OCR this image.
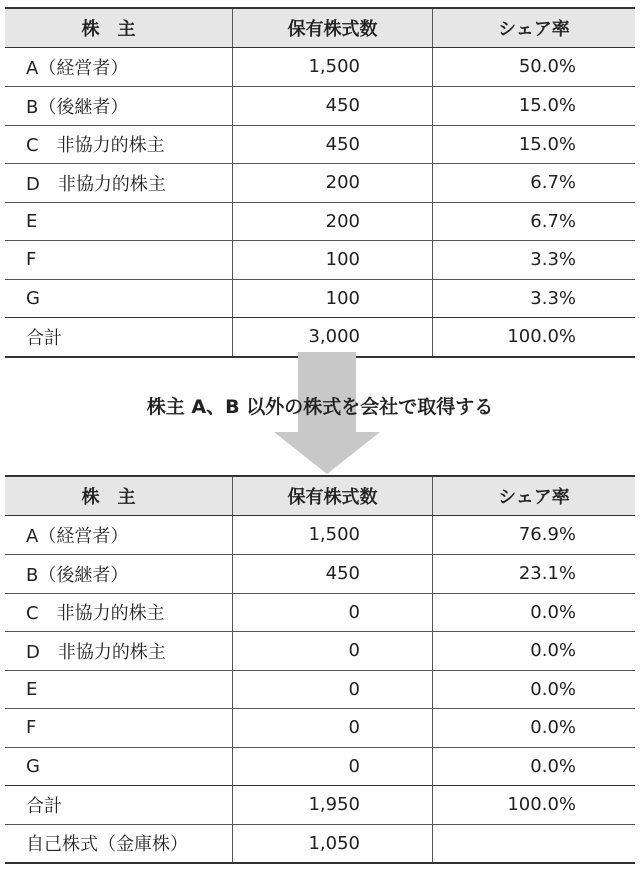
株　主	保有株式数	シェア率
A（経営者）	1,500	50.0%
B（後継者）	450	15.0%
C　非協力的株主	450	15.0%
D　非協力的株主	200	6.7%
E	200	6.7%
F	100	3.3%
G	100	3.3%
合計	3,000	100.0%
株主 A、B 以外の株式を会社で取得する
株　主	保有株式数	シェア率
A（経営者）	1,500	76.9%
B（後継者）	450	23.1%
C　非協力的株主	0	0.0%
D　非協力的株主	0	0.0%
E	0	0.0%
F	0	0.0%
G	0	0.0%
合計	1,950	100.0%
自己株式（金庫株）	1,050
